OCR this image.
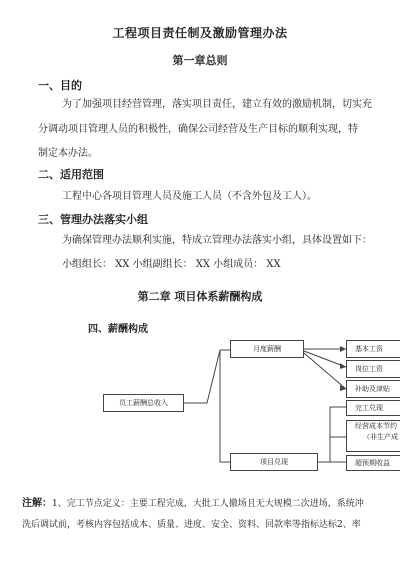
工程项目责任制及激励管理办法
第一章总则
一、目的
为了加强项目经营管理，落实项目责任，建立有效的激励机制，切实充
分调动项目管理人员的积极性，确保公司经营及生产目标的顺利实现，特
制定本办法。
二、适用范围
工程中心各项目管理人员及施工人员（不含外包及工人）。
三、管理办法落实小组
为确保管理办法顺利实施，特成立管理办法落实小组，具体设置如下：
小组组长： XX 小组副组长： XX 小组成员： XX
第二章 项目体系薪酬构成
四、薪酬构成
员工薪酬总收入
月度薪酬
项目兑现
基本工资
岗位工资
补助及津贴
完工兑现
经营成本节约
（非生产成
超预期收益
注解：1、完工节点定义：主要工程完成，大批工人撤场且无大规模二次进场，系统冲
洗后调试前，考核内容包括成本、质量、进度、安全、资料、回款率等指标达标2、率
